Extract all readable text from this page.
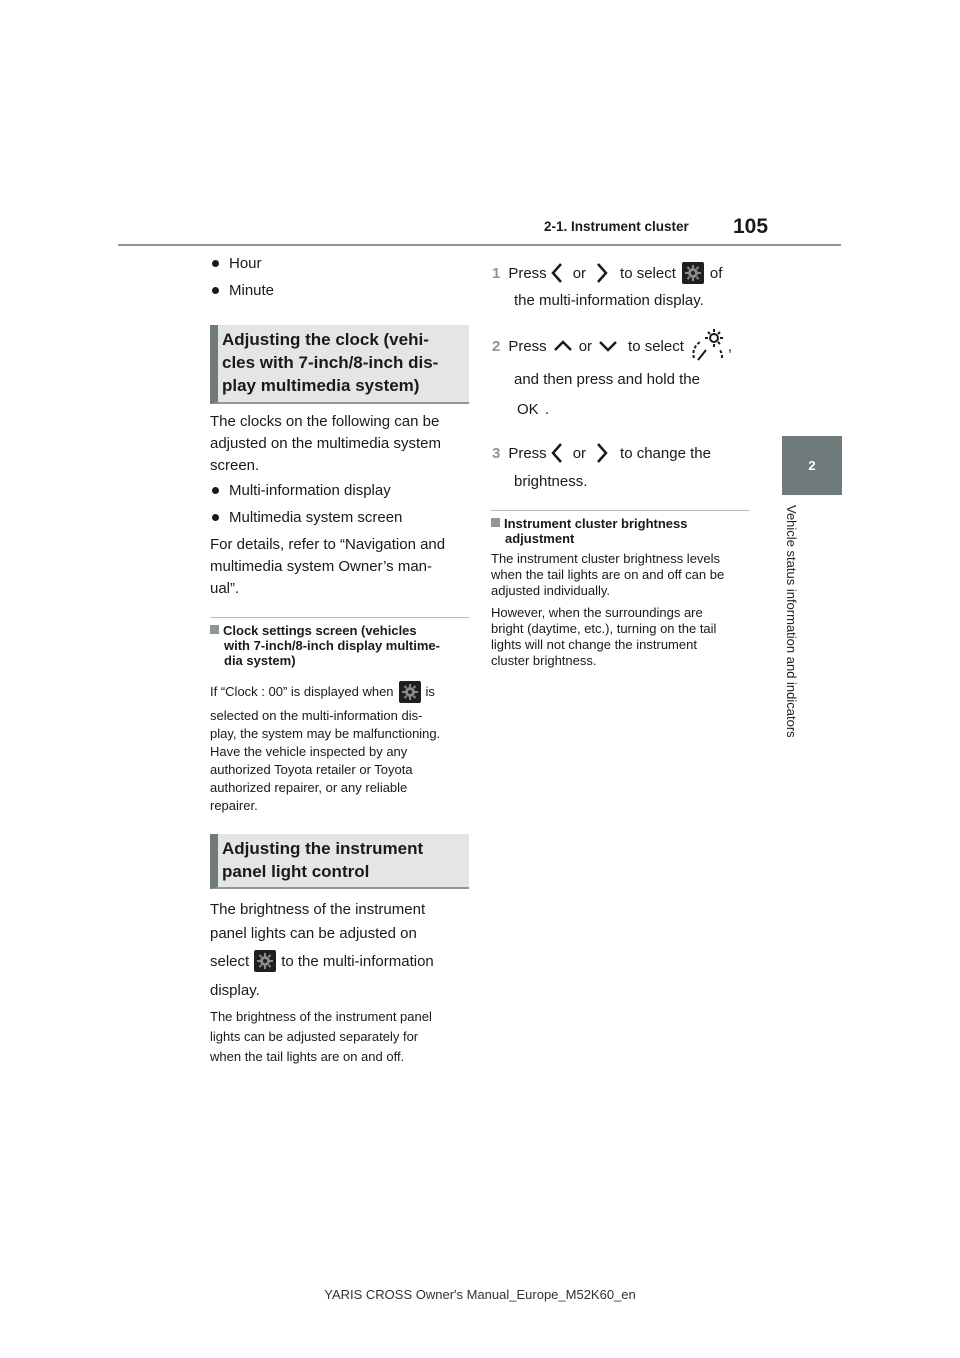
2-1. Instrument cluster 105
2
Vehicle status information and indicators
Hour
Minute
Adjusting the clock (vehi-
cles with 7-inch/8-inch dis-
play multimedia system)
The clocks on the following can be
adjusted on the multimedia system
screen.
Multi-information display
Multimedia system screen
For details, refer to “Navigation and
multimedia system Owner’s man-
ual”.
Clock settings screen (vehicles
with 7-inch/8-inch display multime-
dia system)
If “Clock : 00” is displayed when is
selected on the multi-information dis-
play, the system may be malfunctioning.
Have the vehicle inspected by any
authorized Toyota retailer or Toyota
authorized repairer, or any reliable
repairer.
Adjusting the instrument
panel light control
The brightness of the instrument
panel lights can be adjusted on
select to the multi-information
display.
The brightness of the instrument panel
lights can be adjusted separately for
when the tail lights are on and off.
1 Press or to select of
the multi-information display.
2 Press or to select	,
and then press and hold the
OK .
3 Press or to change the
brightness.
Instrument cluster brightness
adjustment
The instrument cluster brightness levels
when the tail lights are on and off can be
adjusted individually.
However, when the surroundings are
bright (daytime, etc.), turning on the tail
lights will not change the instrument
cluster brightness.
YARIS CROSS Owner's Manual_Europe_M52K60_en
